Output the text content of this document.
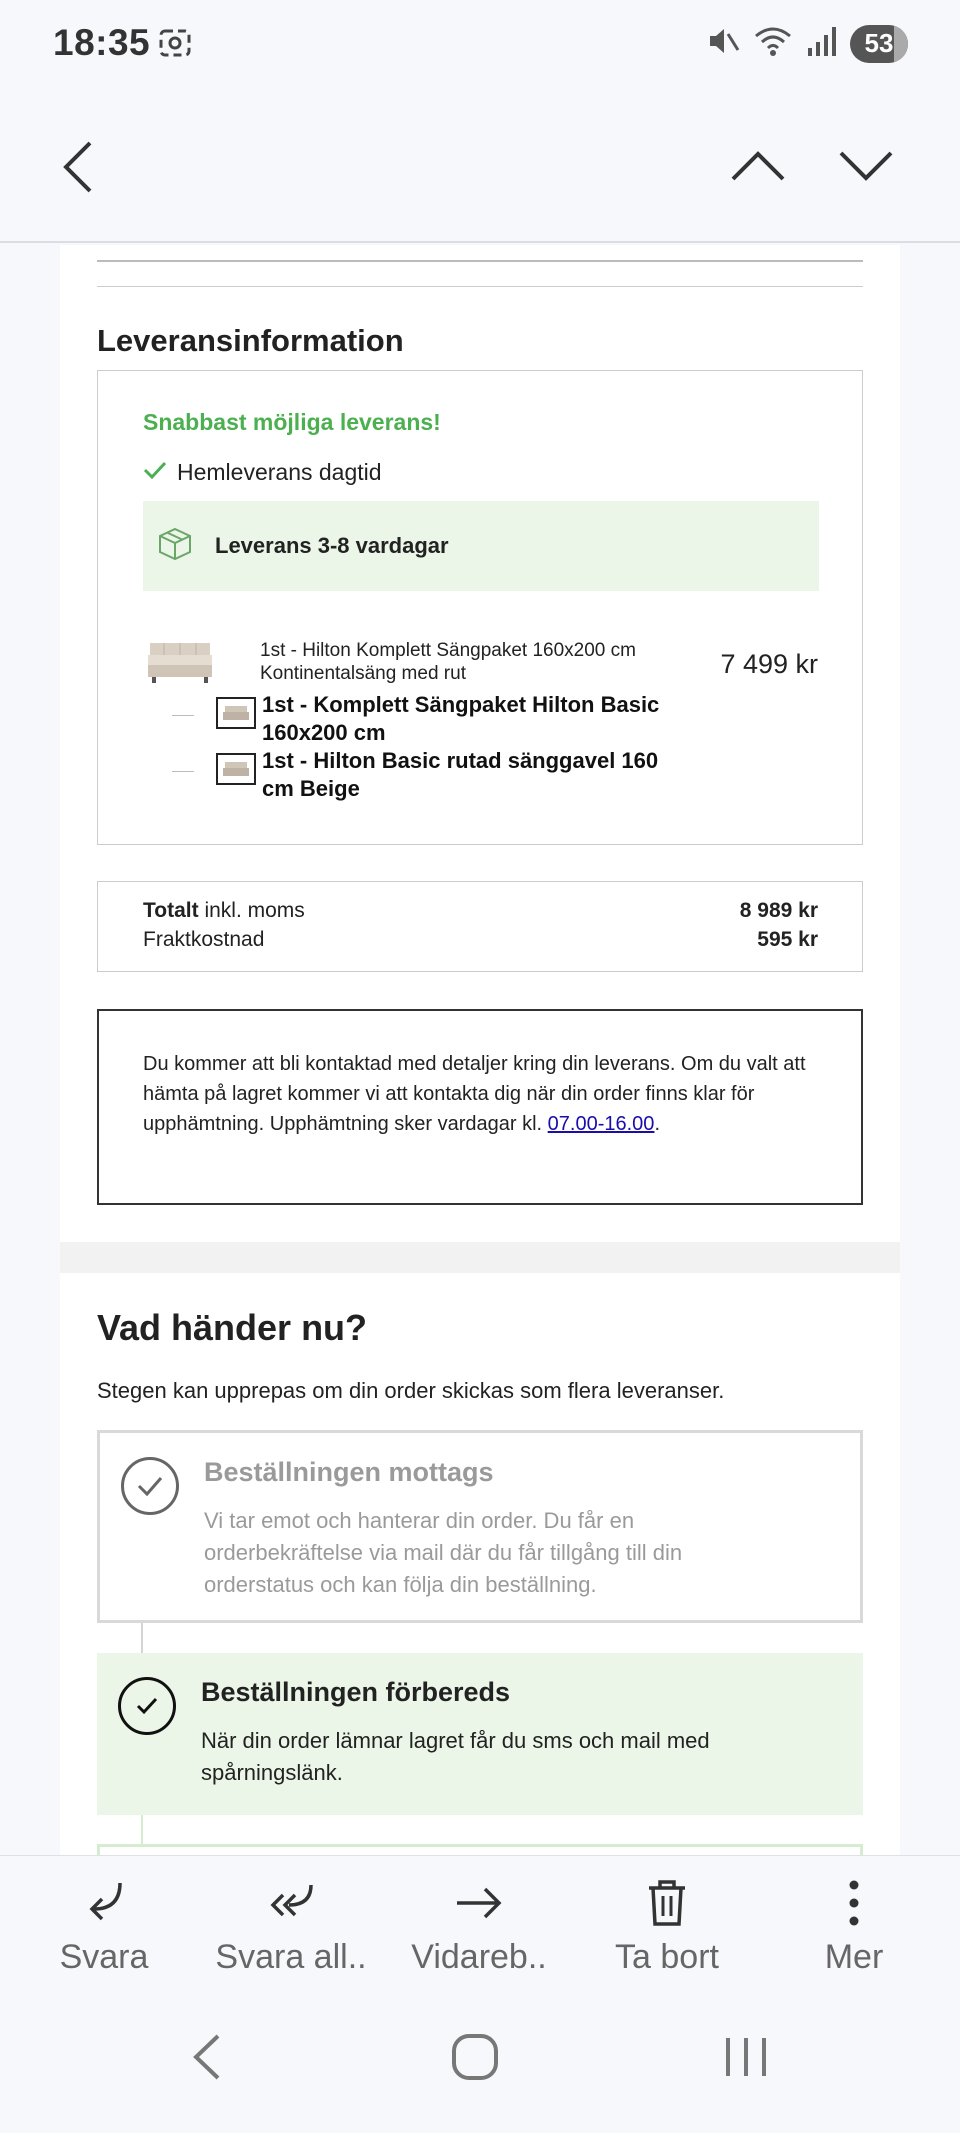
18:35	53
Leveransinformation
Snabbast möjliga leverans!
Hemleverans dagtid
Leverans 3-8 vardagar
1st - Hilton Komplett Sängpaket 160x200 cm Kontinentalsäng med rut	7 499 kr
1st - Komplett Sängpaket Hilton Basic 160x200 cm
1st - Hilton Basic rutad sänggavel 160 cm Beige
Totalt inkl. moms	8 989 kr
Fraktkostnad	595 kr
Du kommer att bli kontaktad med detaljer kring din leverans. Om du valt att hämta på lagret kommer vi att kontakta dig när din order finns klar för upphämtning. Upphämtning sker vardagar kl. 07.00-16.00.
Vad händer nu?
Stegen kan upprepas om din order skickas som flera leveranser.
Beställningen mottags
Vi tar emot och hanterar din order. Du får en orderbekräftelse via mail där du får tillgång till din orderstatus och kan följa din beställning.
Beställningen förbereds
När din order lämnar lagret får du sms och mail med spårningslänk.
Svara Svara all.. Vidareb.. Ta bort	Mer
